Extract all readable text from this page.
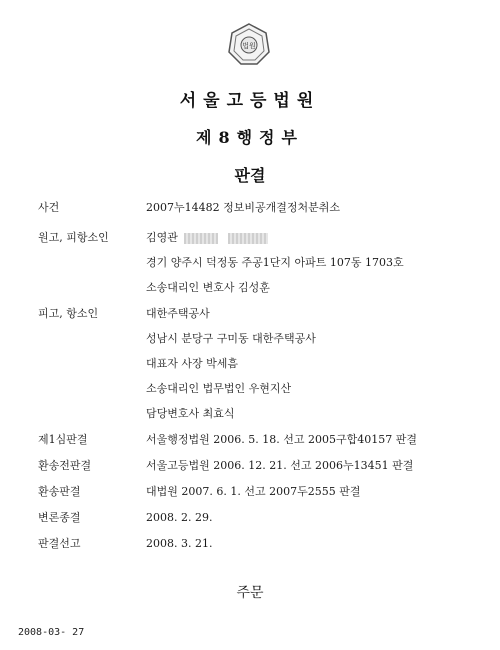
법원
서울고등법원
제8행정부
판결
사건	2007누14482 정보비공개결정처분취소
원고, 피항소인	김영관
경기 양주시 덕정동 주공1단지 아파트 107동 1703호
소송대리인 변호사 김성훈
피고, 항소인	대한주택공사
성남시 분당구 구미동 대한주택공사
대표자 사장 박세흠
소송대리인 법무법인 우현지산
담당변호사 최효식
제1심판결	서울행정법원 2006. 5. 18. 선고 2005구합40157 판결
환송전판결	서울고등법원 2006. 12. 21. 선고 2006누13451 판결
환송판결	대법원 2007. 6. 1. 선고 2007두2555 판결
변론종결	2008. 2. 29.
판결선고	2008. 3. 21.
주문
2008-03- 27
